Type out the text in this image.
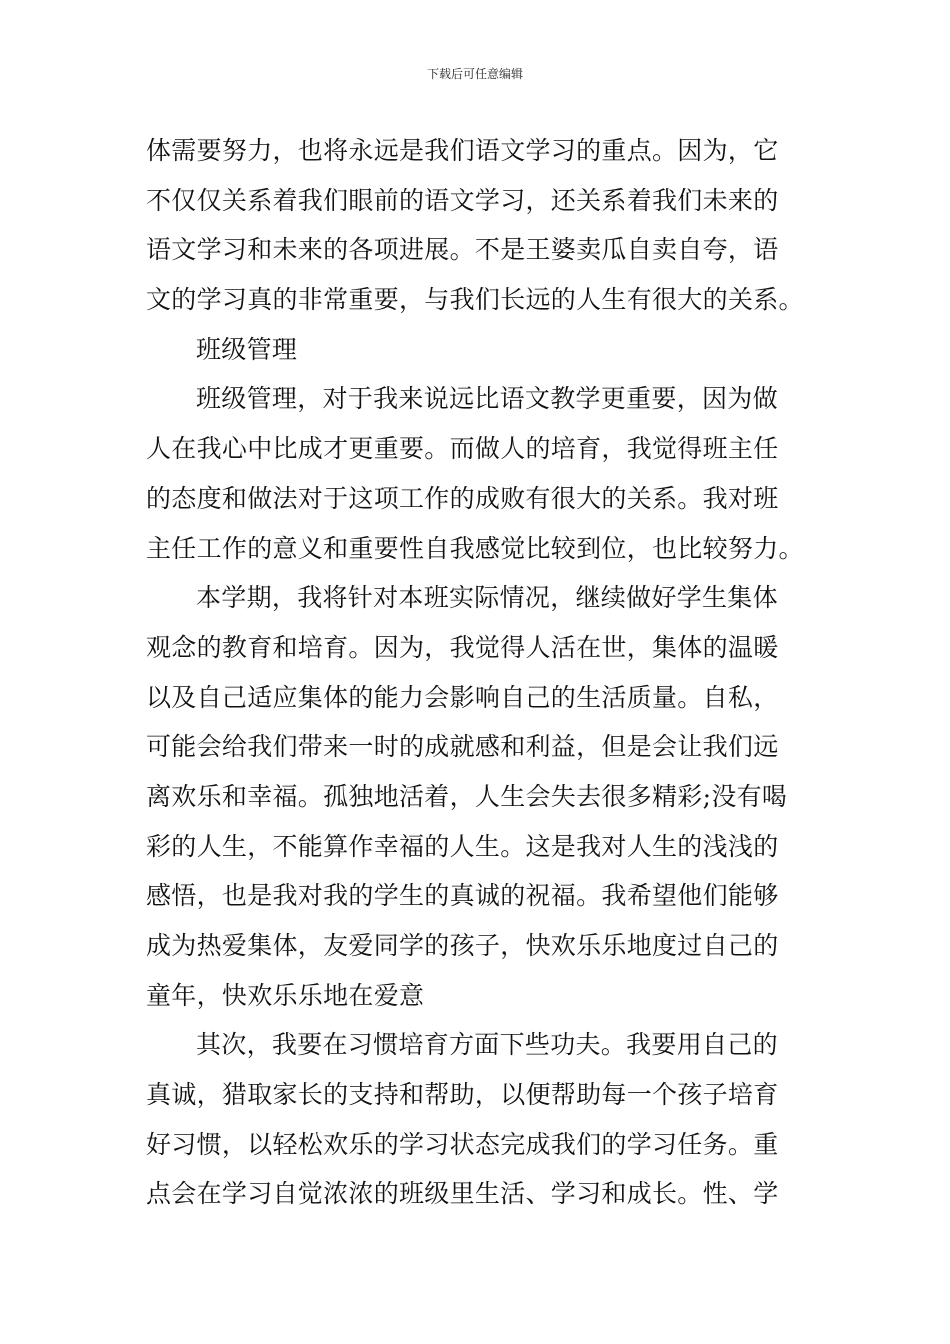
下载后可任意编辑
体需要努力，也将永远是我们语文学习的重点。因为，它
不仅仅关系着我们眼前的语文学习，还关系着我们未来的
语文学习和未来的各项进展。不是王婆卖瓜自卖自夸，语
文的学习真的非常重要，与我们长远的人生有很大的关系。
班级管理
班级管理，对于我来说远比语文教学更重要，因为做
人在我心中比成才更重要。而做人的培育，我觉得班主任
的态度和做法对于这项工作的成败有很大的关系。我对班
主任工作的意义和重要性自我感觉比较到位，也比较努力。
本学期，我将针对本班实际情况，继续做好学生集体
观念的教育和培育。因为，我觉得人活在世，集体的温暖
以及自己适应集体的能力会影响自己的生活质量。自私，
可能会给我们带来一时的成就感和利益，但是会让我们远
离欢乐和幸福。孤独地活着，人生会失去很多精彩;没有喝
彩的人生，不能算作幸福的人生。这是我对人生的浅浅的
感悟，也是我对我的学生的真诚的祝福。我希望他们能够
成为热爱集体，友爱同学的孩子，快欢乐乐地度过自己的
童年，快欢乐乐地在爱意
其次，我要在习惯培育方面下些功夫。我要用自己的
真诚，猎取家长的支持和帮助，以便帮助每一个孩子培育
好习惯，以轻松欢乐的学习状态完成我们的学习任务。重
点会在学习自觉浓浓的班级里生活、学习和成长。性、学
